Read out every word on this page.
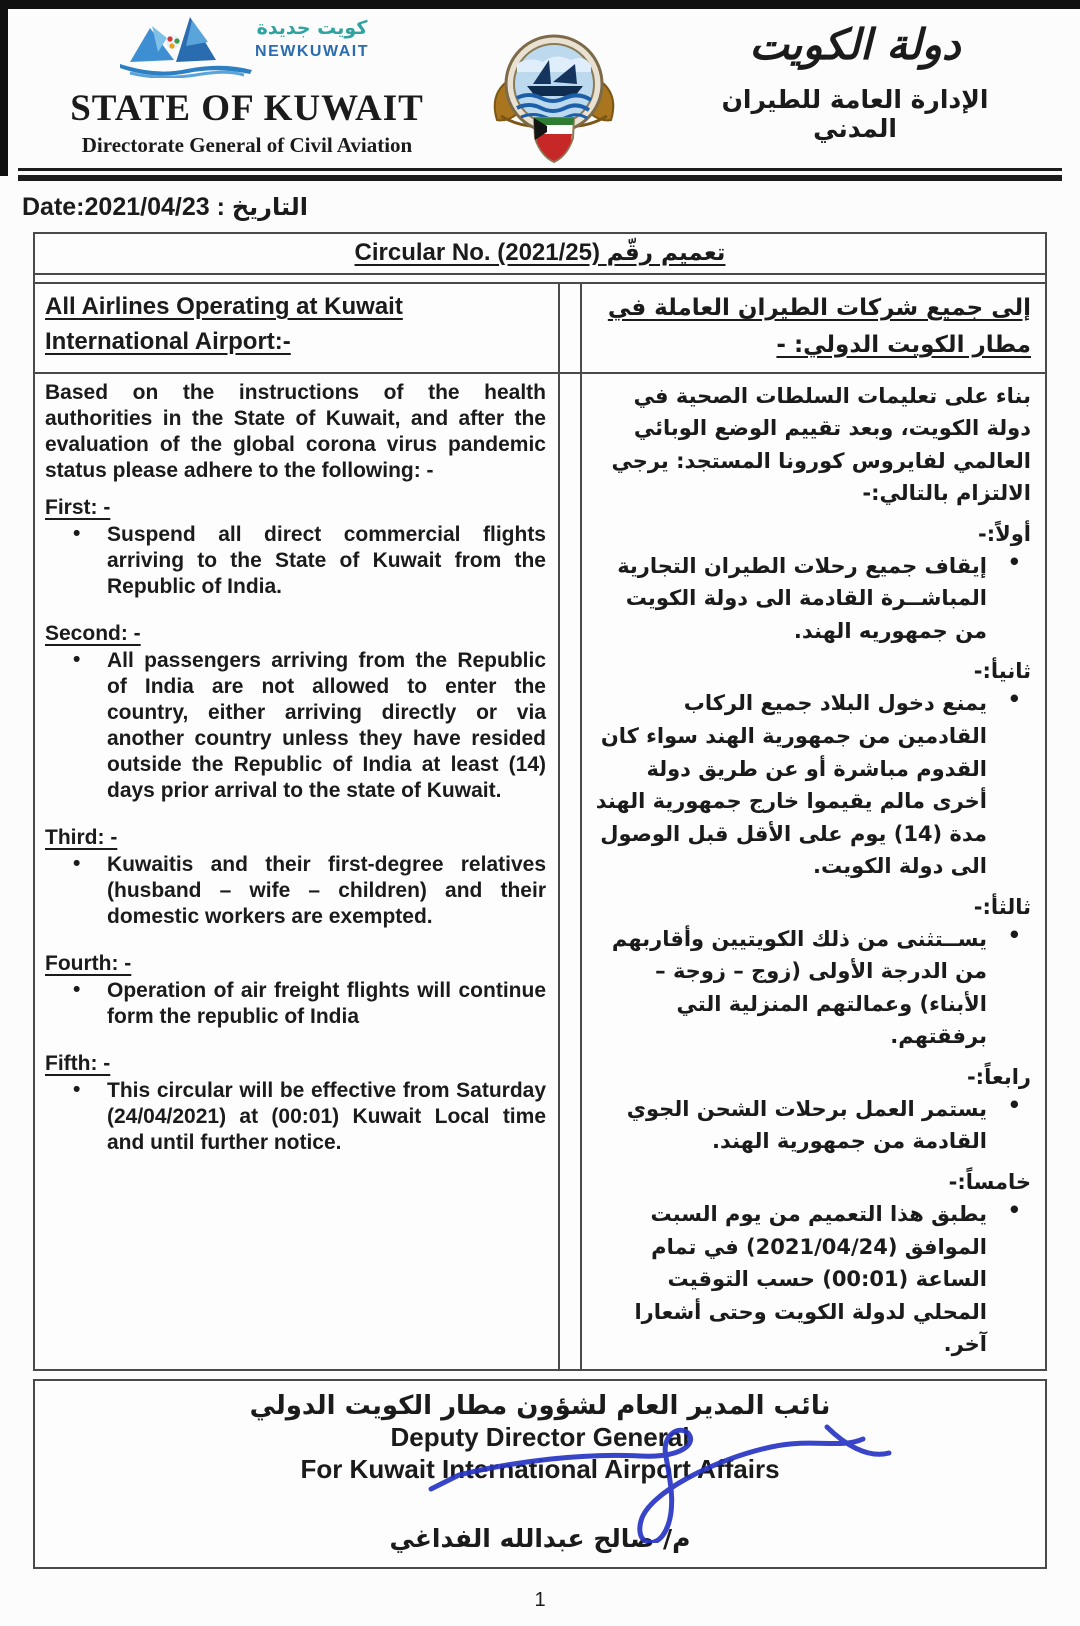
كويت جديدة
NEWKUWAIT
STATE OF KUWAIT
Directorate General of Civil Aviation
دولة الكويت
الإدارة العامة للطيران المدني
Date:2021/04/23 : التاريخ
Circular No. (2021/25) تعميم رقّم
All Airlines Operating at Kuwait International Airport:-
إلى جميع شركات الطيران العاملة في مطار الكويت الدولي: -

Based on the instructions of the health authorities in the State of Kuwait, and after the evaluation of the global corona virus pandemic status please adhere to the following: -

First: -
•	Suspend all direct commercial flights arriving to the State of Kuwait from the Republic of India.
Second: -
•	All passengers arriving from the Republic of India are not allowed to enter the country, either arriving directly or via another country unless they have resided outside the Republic of India at least (14) days prior arrival to the state of Kuwait.
Third: -
•	Kuwaitis and their first-degree relatives (husband – wife – children) and their domestic workers are exempted.
Fourth: -
•	Operation of air freight flights will continue form the republic of India
Fifth: -
•	This circular will be effective from Saturday (24/04/2021) at (00:01) Kuwait Local time and until further notice.

بناء على تعليمات السلطات الصحية في دولة الكويت، وبعد تقييم الوضع الوبائي العالمي لفايروس كورونا المستجد: يرجي الالتزام بالتالي:-

أولاً:-
•
إيقاف جميع رحلات الطيران التجارية المباشــرة القادمة الى دولة الكويت من جمهوريه الهند.
ثانيأ:-
•
يمنع دخول البلاد جميع الركاب القادمين من جمهورية الهند سواء كان القدوم مباشرة أو عن طريق دولة أخرى مالم يقيموا خارج جمهورية الهند مدة (14) يوم على الأقل قبل الوصول الى دولة الكويت.
ثالثأ:-
•
يســتثنى من ذلك الكويتيين وأقاربهم من الدرجة الأولى (زوج – زوجة – الأبناء) وعمالتهم المنزلية التي برفقتهم.
رابعاً:-
•
يستمر العمل برحلات الشحن الجوي القادمة من جمهورية الهند.
خامساً:-
•
يطبق هذا التعميم من يوم السبت الموافق (2021/04/24) في تمام الساعة (00:01) حسب التوقيت المحلي لدولة الكويت وحتى أشعارا آخر.
نائب المدير العام لشؤون مطار الكويت الدولي
Deputy Director General
For Kuwait International Airport Affairs
م/ صالح عبدالله الفداغي
1
